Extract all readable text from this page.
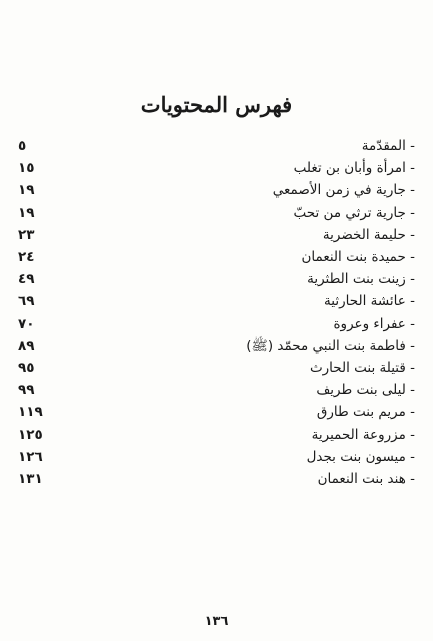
فهرس المحتويات
- المقدّمة
٥
- امرأة وأبان بن تغلب
١٥
- جارية في زمن الأصمعي
١٩
- جارية ترثي من تحبّ
١٩
- حليمة الخضرية
٢٣
- حميدة بنت النعمان
٢٤
- زينت بنت الطثرية
٤٩
- عائشة الحارثية
٦٩
- عفراء وعروة
٧٠
- فاطمة بنت النبي محمّد (ﷺ)
٨٩
- قتيلة بنت الحارث
٩٥
- ليلى بنت طريف
٩٩
- مريم بنت طارق
١١٩
- مزروعة الحميرية
١٢٥
- ميسون بنت بجدل
١٢٦
- هند بنت النعمان
١٣١
١٣٦
